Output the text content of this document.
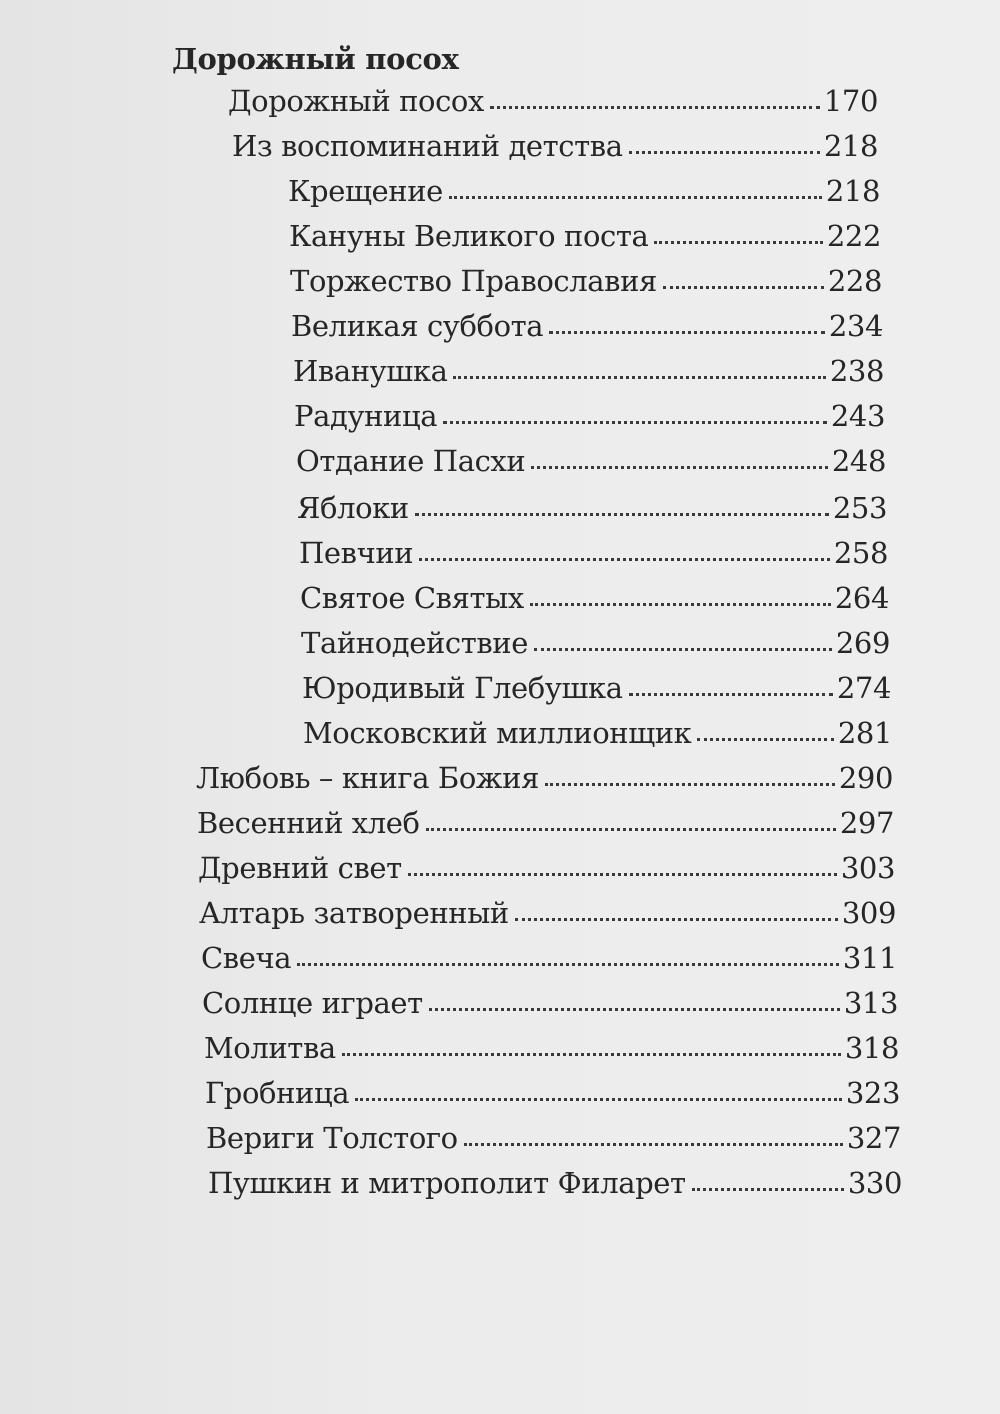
Дорожный посох
Дорожный посох	170
Из воспоминаний детства	218
Крещение	218
Кануны Великого поста	222
Торжество Православия	228
Великая суббота	234
Иванушка	238
Радуница	243
Отдание Пасхи	248
Яблоки	253
Певчии	258
Святое Святых	264
Тайнодействие	269
Юродивый Глебушка	274
Московский миллионщик	281
Любовь – книга Божия	290
Весенний хлеб	297
Древний свет	303
Алтарь затворенный	309
Свеча	311
Солнце играет	313
Молитва	318
Гробница	323
Вериги Толстого	327
Пушкин и митрополит Филарет	330
